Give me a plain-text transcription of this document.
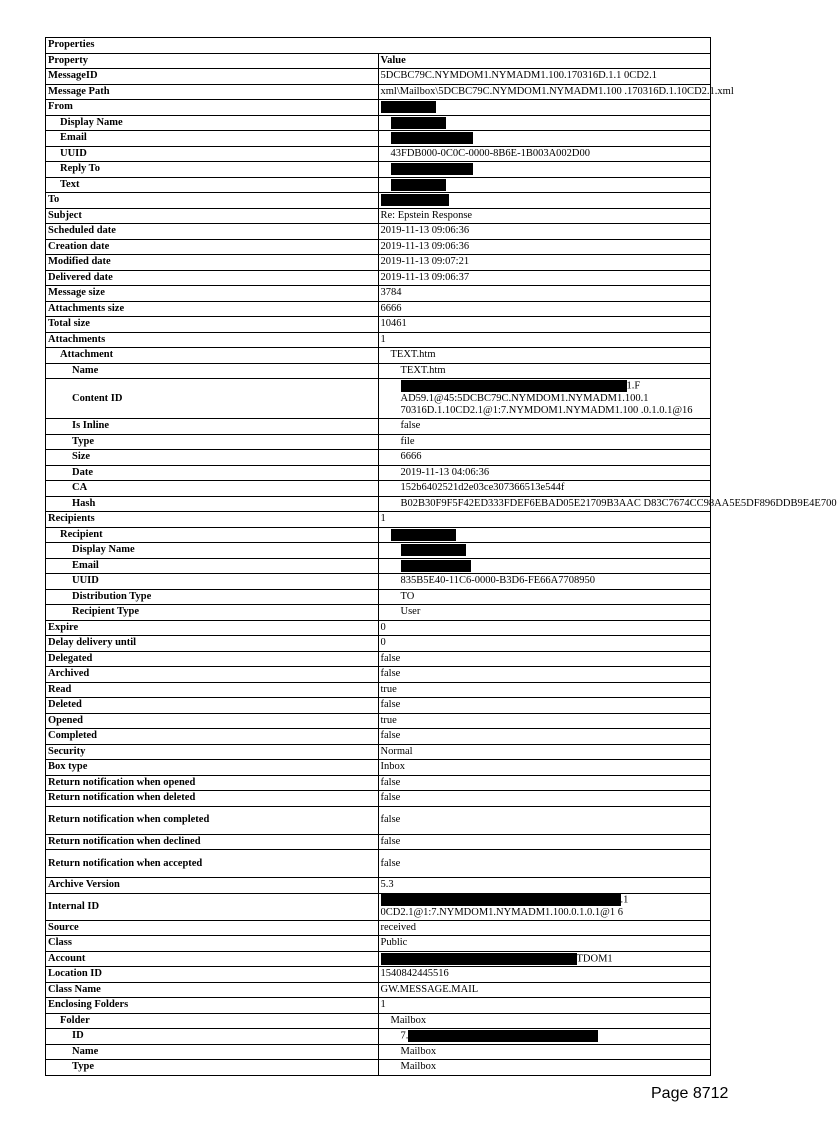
Properties	
Property	Value
MessageID	5DCBC79C.NYMDOM1.NYMADM1.100.170316D.1.1 0CD2.1
Message Path	xml\Mailbox\5DCBC79C.NYMDOM1.NYMADM1.100 .170316D.1.10CD2.1.xml
From	
Display Name	
Email	
UUID	43FDB000-0C0C-0000-8B6E-1B003A002D00
Reply To	
Text	
To	
Subject	Re: Epstein Response
Scheduled date	2019-11-13 09:06:36
Creation date	2019-11-13 09:06:36
Modified date	2019-11-13 09:07:21
Delivered date	2019-11-13 09:06:37
Message size	3784
Attachments size	6666
Total size	10461
Attachments	1
Attachment	TEXT.htm
Name	TEXT.htm
Content ID	1.F
AD59.1@45:5DCBC79C.NYMDOM1.NYMADM1.100.1
70316D.1.10CD2.1@1:7.NYMDOM1.NYMADM1.100 .0.1.0.1@16

Is Inline	false
Type	file
Size	6666
Date	2019-11-13 04:06:36
CA	152b6402521d2e03ce307366513e544f
Hash	B02B30F9F5F42ED333FDEF6EBAD05E21709B3AAC D83C7674CC98AA5E5DF896DDB9E4E700
Recipients	1
Recipient	
Display Name	
Email	
UUID	835B5E40-11C6-0000-B3D6-FE66A7708950
Distribution Type	TO
Recipient Type	User
Expire	0
Delay delivery until	0
Delegated	false
Archived	false
Read	true
Deleted	false
Opened	true
Completed	false
Security	Normal
Box type	Inbox
Return notification when opened	false
Return notification when deleted	false
Return notification when completed	false
Return notification when declined	false
Return notification when accepted	false
Archive Version	5.3
Internal ID	.1
0CD2.1@1:7.NYMDOM1.NYMADM1.100.0.1.0.1@1 6

Source	received
Class	Public
Account	TDOM1
Location ID	1540842445516
Class Name	GW.MESSAGE.MAIL
Enclosing Folders	1
Folder	Mailbox
ID	7.
Name	Mailbox
Type	Mailbox
Page 8712
